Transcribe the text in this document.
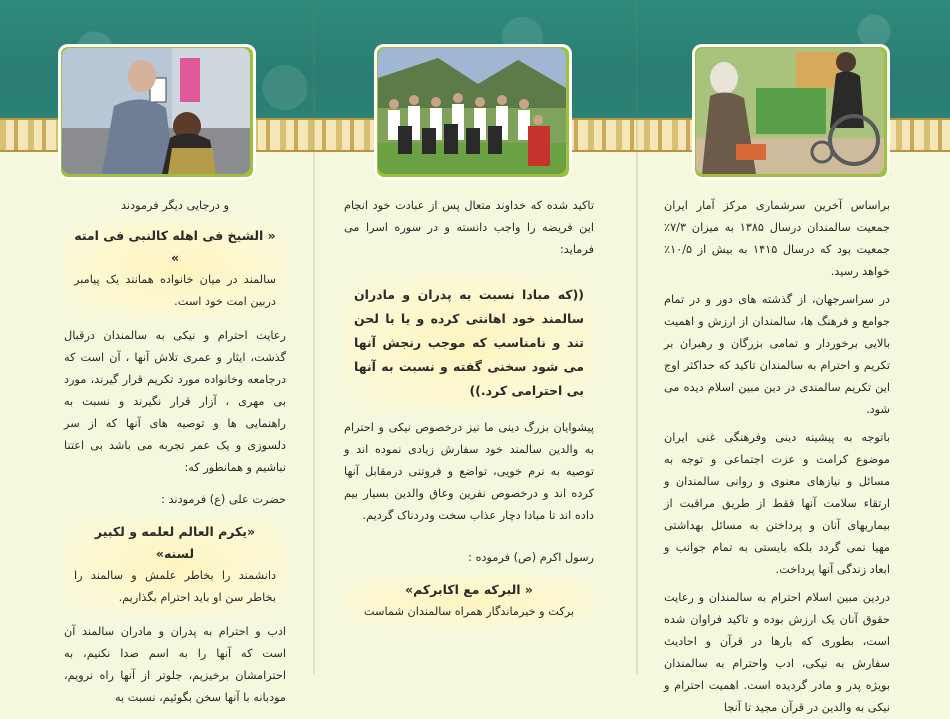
و درجایی دیگر فرمودند

« الشیخ فی اهله کالنبی فی امته »
سالمند در میان خانواده همانند یک پیامبر دربین امت خود است.

رعایت احترام و نیکی به سالمندان درقبال گذشت، ایثار و عمری تلاش آنها ، آن است که درجامعه وخانواده مورد تکریم قرار گیرند، مورد بی مهری ، آزار قرار نگیرند و نسبت به راهنمایی ها و توصیه های آنها که از سر دلسوزی و یک عمر تجربه می باشد بی اعتنا نباشیم و همانطور که:

حضرت علی (ع) فرمودند :

«یکرم العالم لعلمه و لکبیر لسنه»
دانشمند را بخاطر علمش و سالمند را بخاطر سن او باید احترام بگذاریم.

ادب و احترام به پدران و مادران سالمند آن است که آنها را به اسم صدا نکنیم، به احترامشان برخیزیم، جلوتر از آنها راه نرویم، مودبانه با آنها سخن بگوئیم، نسبت به

تاکید شده که خداوند متعال پس از عبادت خود انجام این فریضه را واجب دانسته و در سوره اسرا می فرماید:

((که مبادا نسبت به پدران و مادران سالمند خود اهانتی کرده و یا با لحن تند و نامناسب که موجب رنجش آنها می شود سخنی گفته و نسبت به آنها بی احترامی کرد.))

پیشوایان بزرگ دینی ما نیز درخصوص نیکی و احترام به والدین سالمند خود سفارش زیادی نموده اند و توصیه به نرم خویی، تواضع و فروتنی درمقابل آنها کرده اند و درخصوص نفرین وعاق والدین بسیار بیم داده اند تا مبادا دچار عذاب سخت ودردناک گردیم.

رسول اکرم (ص) فرموده :

« البرکه مع اکابرکم»
برکت و خیرماندگار همراه سالمندان شماست

براساس آخرین سرشماری مرکز آمار ایران جمعیت سالمندان درسال ۱۳۸۵ به میزان ۷/۳٪ جمعیت بود که درسال ۱۴۱۵ به بیش از ۱۰/۵٪ خواهد رسید.

در سراسرجهان، از گذشته های دور و در تمام جوامع و فرهنگ ها، سالمندان از ارزش و اهمیت بالایی برخوردار و تمامی بزرگان و رهبران بر تکریم و احترام به سالمندان تاکید که حداکثر اوج این تکریم سالمندی در دین مبین اسلام دیده می شود.

باتوجه به پیشینه دینی وفرهنگی غنی ایران موضوع کرامت و عزت اجتماعی و توجه به مسائل و نیازهای معنوی و روانی سالمندان و ارتقاء سلامت آنها فقط از طریق مراقبت از بیماریهای آنان و پرداختن به مسائل بهداشتی مهیا نمی گردد بلکه بایستی به تمام جوانب و ابعاد زندگی آنها پرداخت.

دردین مبین اسلام احترام به سالمندان و رعایت حقوق آنان یک ارزش بوده و تاکید فراوان شده است، بطوری که بارها در قرآن و احادیث سفارش به نیکی، ادب واحترام به سالمندان بویژه پدر و مادر گردیده است. اهمیت احترام و نیکی به والدین در قرآن مجید تا آنجا
